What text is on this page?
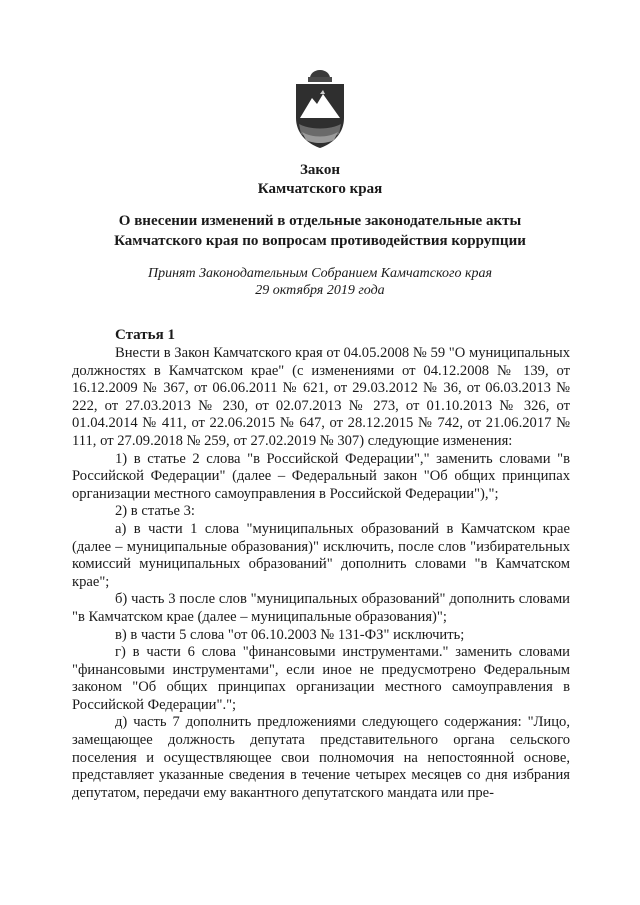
Закон
Камчатского края
О внесении изменений в отдельные законодательные акты
Камчатского края по вопросам противодействия коррупции
Принят Законодательным Собранием Камчатского края
29 октября 2019 года
Статья 1

Внести в Закон Камчатского края от 04.05.2008 № 59 "О муниципальных должностях в Камчатском крае" (с изменениями от 04.12.2008 № 139, от 16.12.2009 № 367, от 06.06.2011 № 621, от 29.03.2012 № 36, от 06.03.2013 № 222, от 27.03.2013 № 230, от 02.07.2013 № 273, от 01.10.2013 № 326, от 01.04.2014 № 411, от 22.06.2015 № 647, от 28.12.2015 № 742, от 21.06.2017 № 111, от 27.09.2018 № 259, от 27.02.2019 № 307) следующие изменения:

1) в статье 2 слова "в Российской Федерации"," заменить словами "в Российской Федерации" (далее – Федеральный закон "Об общих принципах организации местного самоуправления в Российской Федерации"),";

2) в статье 3:

а) в части 1 слова "муниципальных образований в Камчатском крае (далее – муниципальные образования)" исключить, после слов "избирательных комиссий муниципальных образований" дополнить словами "в Камчатском крае";

б) часть 3 после слов "муниципальных образований" дополнить словами "в Камчатском крае (далее – муниципальные образования)";

в) в части 5 слова "от 06.10.2003 № 131-ФЗ" исключить;

г) в части 6 слова "финансовыми инструментами." заменить словами "финансовыми инструментами", если иное не предусмотрено Федеральным законом "Об общих принципах организации местного самоуправления в Российской Федерации".";

д) часть 7 дополнить предложениями следующего содержания: "Лицо, замещающее должность депутата представительного органа сельского поселения и осуществляющее свои полномочия на непостоянной основе, представляет указанные сведения в течение четырех месяцев со дня избрания депутатом, передачи ему вакантного депутатского мандата или пре-
